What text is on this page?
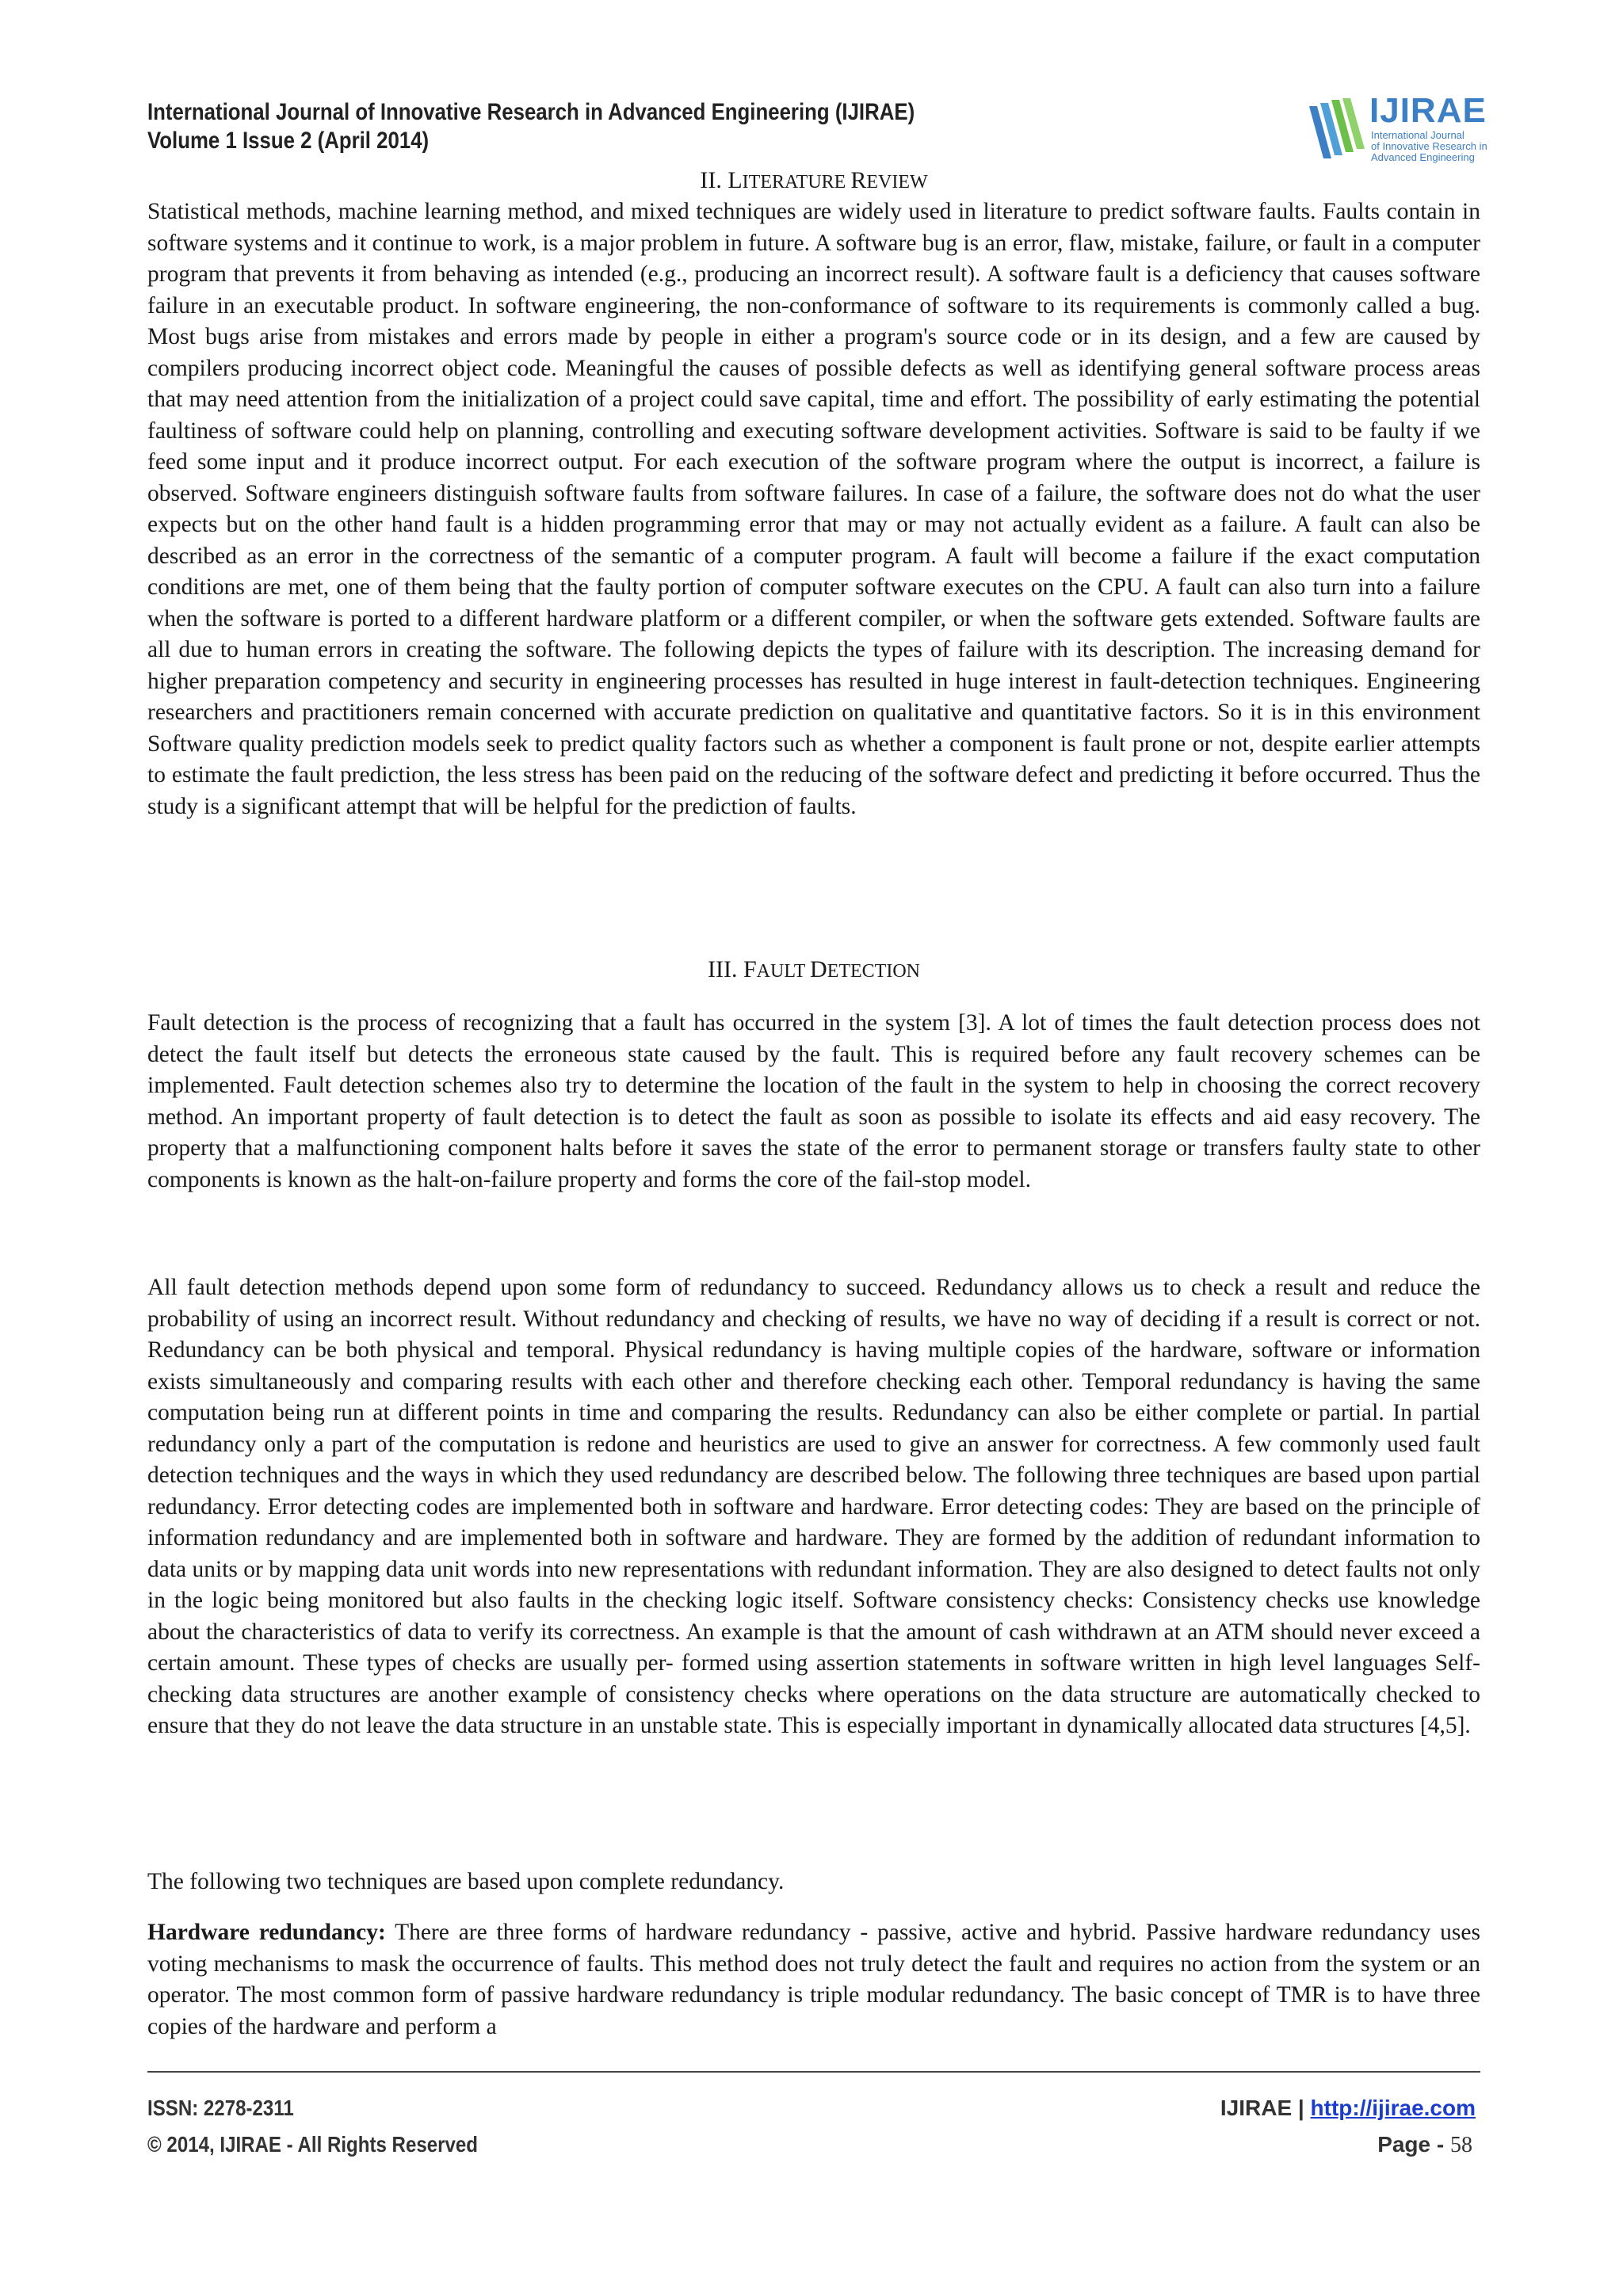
International Journal of Innovative Research in Advanced Engineering (IJIRAE)
Volume 1 Issue 2 (April 2014)
IJIRAE
International Journal
of Innovative Research in
Advanced Engineering

II. LITERATURE REVIEW

Statistical methods, machine learning method, and mixed techniques are widely used in literature to predict software faults. Faults contain in software systems and it continue to work, is a major problem in future. A software bug is an error, flaw, mistake, failure, or fault in a computer program that prevents it from behaving as intended (e.g., producing an incorrect result). A software fault is a deficiency that causes software failure in an executable product. In software engineering, the non-conformance of software to its requirements is commonly called a bug. Most bugs arise from mistakes and errors made by people in either a program's source code or in its design, and a few are caused by compilers producing incorrect object code. Meaningful the causes of possible defects as well as identifying general software process areas that may need attention from the initialization of a project could save capital, time and effort. The possibility of early estimating the potential faultiness of software could help on planning, controlling and executing software development activities. Software is said to be faulty if we feed some input and it produce incorrect output. For each execution of the software program where the output is incorrect, a failure is observed. Software engineers distinguish software faults from software failures. In case of a failure, the software does not do what the user expects but on the other hand fault is a hidden programming error that may or may not actually evident as a failure. A fault can also be described as an error in the correctness of the semantic of a computer program. A fault will become a failure if the exact computation conditions are met, one of them being that the faulty portion of computer software executes on the CPU. A fault can also turn into a failure when the software is ported to a different hardware platform or a different compiler, or when the software gets extended. Software faults are all due to human errors in creating the software. The following depicts the types of failure with its description. The increasing demand for higher preparation competency and security in engineering processes has resulted in huge interest in fault-detection techniques. Engineering researchers and practitioners remain concerned with accurate prediction on qualitative and quantitative factors. So it is in this environment Software quality prediction models seek to predict quality factors such as whether a component is fault prone or not, despite earlier attempts to estimate the fault prediction, the less stress has been paid on the reducing of the software defect and predicting it before occurred. Thus the study is a significant attempt that will be helpful for the prediction of faults.

III. FAULT DETECTION

Fault detection is the process of recognizing that a fault has occurred in the system [3]. A lot of times the fault detection process does not detect the fault itself but detects the erroneous state caused by the fault. This is required before any fault recovery schemes can be implemented. Fault detection schemes also try to determine the location of the fault in the system to help in choosing the correct recovery method. An important property of fault detection is to detect the fault as soon as possible to isolate its effects and aid easy recovery. The property that a malfunctioning component halts before it saves the state of the error to permanent storage or transfers faulty state to other components is known as the halt-on-failure property and forms the core of the fail-stop model.

All fault detection methods depend upon some form of redundancy to succeed. Redundancy allows us to check a result and reduce the probability of using an incorrect result. Without redundancy and checking of results, we have no way of deciding if a result is correct or not. Redundancy can be both physical and temporal. Physical redundancy is having multiple copies of the hardware, software or information exists simultaneously and comparing results with each other and therefore checking each other. Temporal redundancy is having the same computation being run at different points in time and comparing the results. Redundancy can also be either complete or partial. In partial redundancy only a part of the computation is redone and heuristics are used to give an answer for correctness. A few commonly used fault detection techniques and the ways in which they used redundancy are described below. The following three techniques are based upon partial redundancy. Error detecting codes are implemented both in software and hardware. Error detecting codes: They are based on the principle of information redundancy and are implemented both in software and hardware. They are formed by the addition of redundant information to data units or by mapping data unit words into new representations with redundant information. They are also designed to detect faults not only in the logic being monitored but also faults in the checking logic itself. Software consistency checks: Consistency checks use knowledge about the characteristics of data to verify its correctness. An example is that the amount of cash withdrawn at an ATM should never exceed a certain amount. These types of checks are usually per- formed using assertion statements in software written in high level languages Self-checking data structures are another example of consistency checks where operations on the data structure are automatically checked to ensure that they do not leave the data structure in an unstable state. This is especially important in dynamically allocated data structures [4,5].

The following two techniques are based upon complete redundancy.

Hardware redundancy: There are three forms of hardware redundancy - passive, active and hybrid. Passive hardware redundancy uses voting mechanisms to mask the occurrence of faults. This method does not truly detect the fault and requires no action from the system or an operator. The most common form of passive hardware redundancy is triple modular redundancy. The basic concept of TMR is to have three copies of the hardware and perform a

ISSN: 2278-2311
© 2014, IJIRAE - All Rights Reserved
IJIRAE | http://ijirae.com
Page - 58
